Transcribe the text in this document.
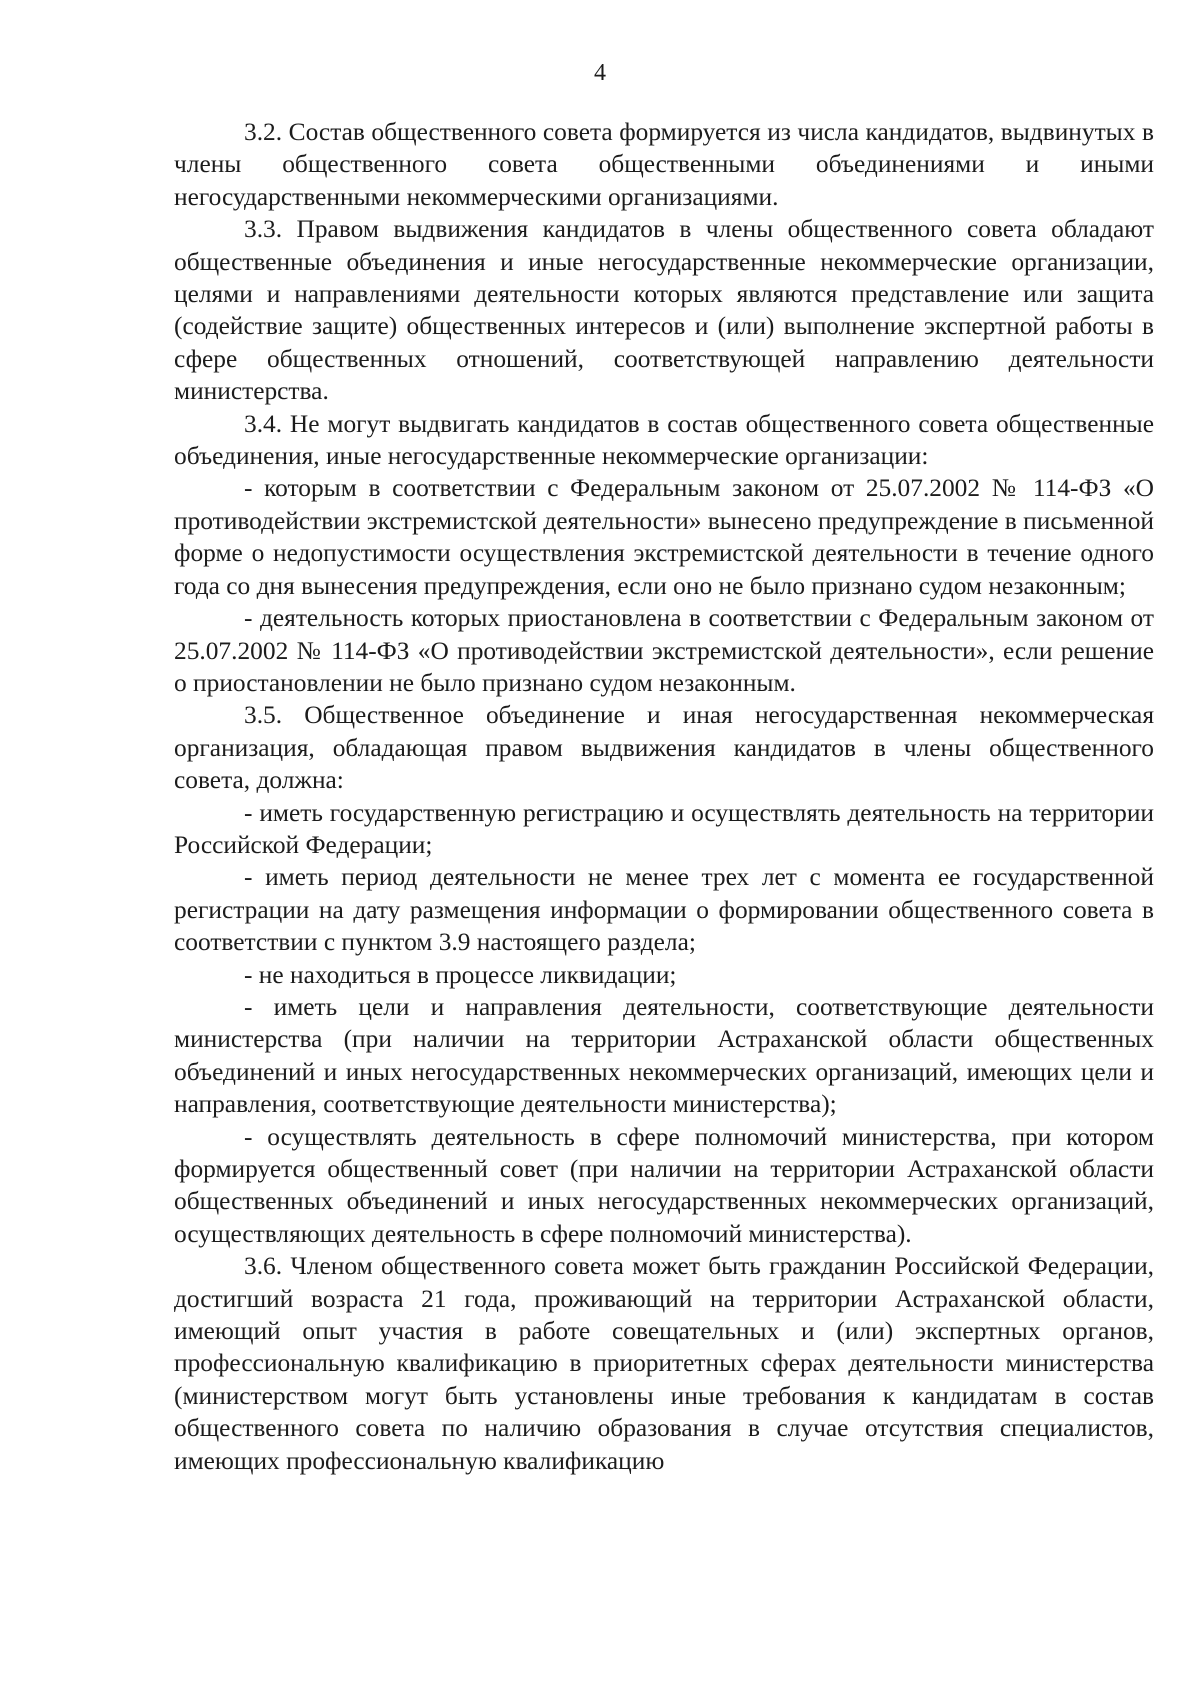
4

3.2. Состав общественного совета формируется из числа кандидатов, выдвинутых в члены общественного совета общественными объединениями и иными негосударственными некоммерческими организациями.

3.3. Правом выдвижения кандидатов в члены общественного совета обладают общественные объединения и иные негосударственные некоммерческие организации, целями и направлениями деятельности которых являются представление или защита (содействие защите) общественных интересов и (или) выполнение экспертной работы в сфере общественных отношений, соответствующей направлению деятельности министерства.

3.4. Не могут выдвигать кандидатов в состав общественного совета общественные объединения, иные негосударственные некоммерческие организации:

- которым в соответствии с Федеральным законом от 25.07.2002 № 114-ФЗ «О противодействии экстремистской деятельности» вынесено предупреждение в письменной форме о недопустимости осуществления экстремистской деятельности в течение одного года со дня вынесения предупреждения, если оно не было признано судом незаконным;

- деятельность которых приостановлена в соответствии с Федеральным законом от 25.07.2002 № 114-ФЗ «О противодействии экстремистской деятельности», если решение о приостановлении не было признано судом незаконным.

3.5. Общественное объединение и иная негосударственная некоммерческая организация, обладающая правом выдвижения кандидатов в члены общественного совета, должна:

- иметь государственную регистрацию и осуществлять деятельность на территории Российской Федерации;

- иметь период деятельности не менее трех лет с момента ее государственной регистрации на дату размещения информации о формировании общественного совета в соответствии с пунктом 3.9 настоящего раздела;

- не находиться в процессе ликвидации;

- иметь цели и направления деятельности, соответствующие деятельности министерства (при наличии на территории Астраханской области общественных объединений и иных негосударственных некоммерческих организаций, имеющих цели и направления, соответствующие деятельности министерства);

- осуществлять деятельность в сфере полномочий министерства, при котором формируется общественный совет (при наличии на территории Астраханской области общественных объединений и иных негосударственных некоммерческих организаций, осуществляющих деятельность в сфере полномочий министерства).

3.6. Членом общественного совета может быть гражданин Российской Федерации, достигший возраста 21 года, проживающий на территории Астраханской области, имеющий опыт участия в работе совещательных и (или) экспертных органов, профессиональную квалификацию в приоритетных сферах деятельности министерства (министерством могут быть установлены иные требования к кандидатам в состав общественного совета по наличию образования в случае отсутствия специалистов, имеющих профессиональную квалификацию
